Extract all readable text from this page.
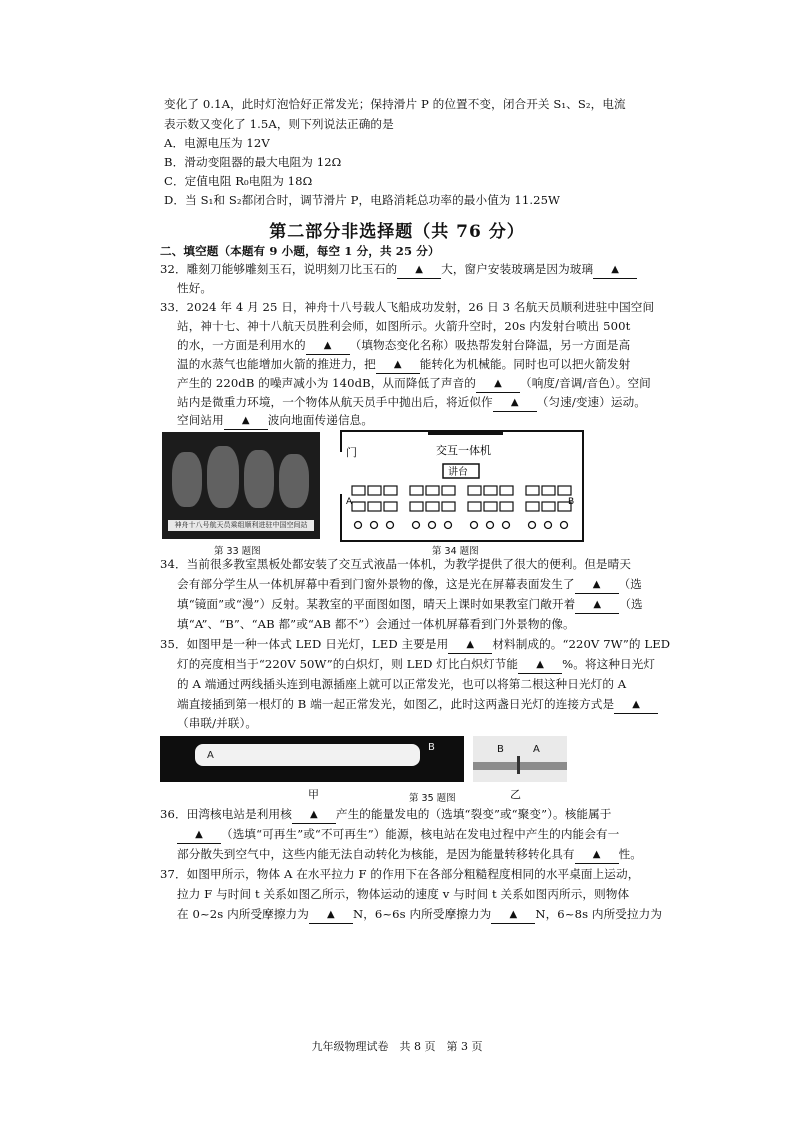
变化了 0.1A，此时灯泡恰好正常发光；保持滑片 P 的位置不变，闭合开关 S₁、S₂，电流
表示数又变化了 1.5A，则下列说法正确的是
A．电源电压为 12V
B．滑动变阻器的最大电阻为 12Ω
C．定值电阻 R₀电阻为 18Ω
D．当 S₁和 S₂都闭合时，调节滑片 P，电路消耗总功率的最小值为 11.25W
第二部分非选择题（共 76 分）
二、填空题（本题有 9 小题，每空 1 分，共 25 分）
32．雕刻刀能够雕刻玉石，说明刻刀比玉石的 ▲ 大，窗户安装玻璃是因为玻璃 ▲
性好。
33．2024 年 4 月 25 日，神舟十八号载人飞船成功发射，26 日 3 名航天员顺利进驻中国空间
站，神十七、神十八航天员胜利会师，如图所示。火箭升空时，20s 内发射台喷出 500t
的水，一方面是利用水的 ▲ （填物态变化名称）吸热帮发射台降温，另一方面是高
温的水蒸气也能增加火箭的推进力，把 ▲ 能转化为机械能。同时也可以把火箭发射
产生的 220dB 的噪声减小为 140dB，从而降低了声音的 ▲ （响度/音调/音色）。空间
站内是微重力环境，一个物体从航天员手中抛出后，将近似作 ▲ （匀速/变速）运动。
空间站用 ▲ 波向地面传递信息。
神舟十八号航天员乘组顺利进驻中国空间站
第 33 题图
门	交互一体机
讲台
A	B
第 34 题图
34．当前很多教室黑板处都安装了交互式液晶一体机，为教学提供了很大的便利。但是晴天
会有部分学生从一体机屏幕中看到门窗外景物的像，这是光在屏幕表面发生了 ▲ （选
填“镜面”或“漫”）反射。某教室的平面图如图，晴天上课时如果教室门敞开着 ▲ （选
填“A”、“B”、“AB 都”或“AB 都不”）会通过一体机屏幕看到门外景物的像。
35．如图甲是一种一体式 LED 日光灯，LED 主要是用 ▲ 材料制成的。“220V 7W”的 LED
灯的亮度相当于“220V 50W”的白炽灯，则 LED 灯比白炽灯节能 ▲ %。将这种日光灯
的 A 端通过两线插头连到电源插座上就可以正常发光，也可以将第二根这种日光灯的 A
端直接插到第一根灯的 B 端一起正常发光，如图乙，此时这两盏日光灯的连接方式是 ▲
（串联/并联）。
A
B	B	A
甲	第 35 题图	乙
36．田湾核电站是利用核 ▲ 产生的能量发电的（选填“裂变”或“聚变”）。核能属于
▲ （选填“可再生”或“不可再生”）能源，核电站在发电过程中产生的内能会有一
部分散失到空气中，这些内能无法自动转化为核能，是因为能量转移转化具有 ▲ 性。
37．如图甲所示，物体 A 在水平拉力 F 的作用下在各部分粗糙程度相同的水平桌面上运动，
拉力 F 与时间 t 关系如图乙所示，物体运动的速度 v 与时间 t 关系如图丙所示，则物体
在 0~2s 内所受摩擦力为 ▲ N，6~6s 内所受摩擦力为 ▲ N，6~8s 内所受拉力为
九年级物理试卷　共 8 页　第 3 页
